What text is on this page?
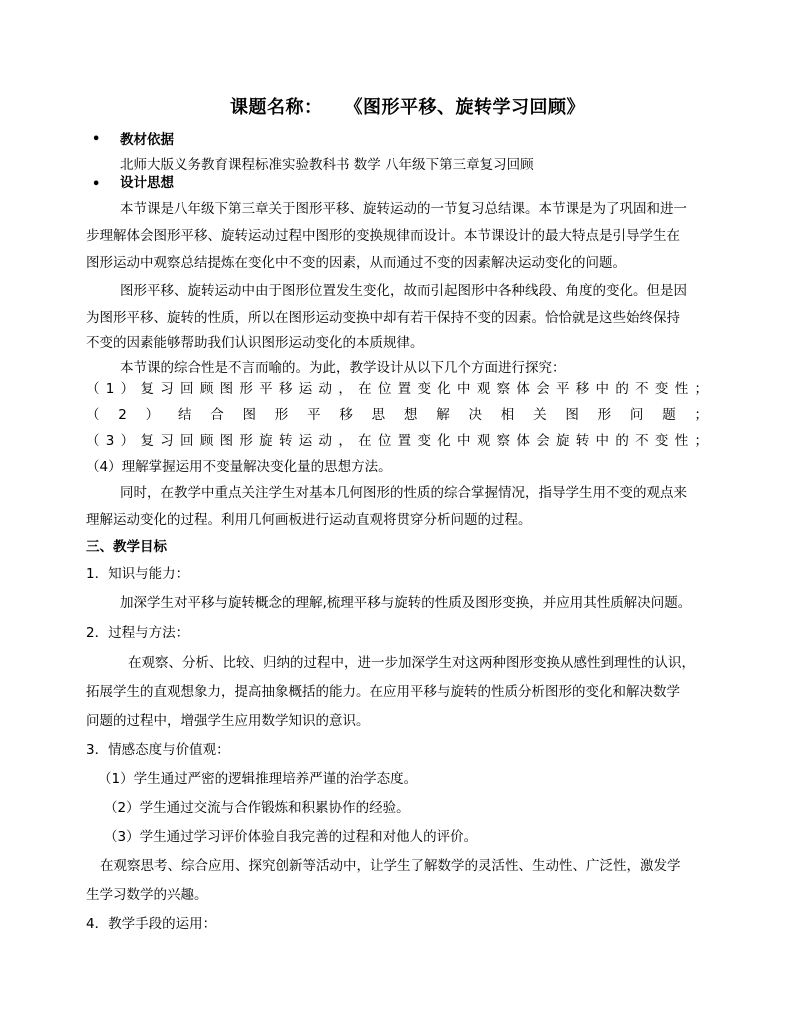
课题名称： 《图形平移、旋转学习回顾》
• 教材依据
北师大版义务教育课程标准实验教科书 数学 八年级下第三章复习回顾
• 设计思想
本节课是八年级下第三章关于图形平移、旋转运动的一节复习总结课。本节课是为了巩固和进一
步理解体会图形平移、旋转运动过程中图形的变换规律而设计。本节课设计的最大特点是引导学生在
图形运动中观察总结提炼在变化中不变的因素，从而通过不变的因素解决运动变化的问题。
图形平移、旋转运动中由于图形位置发生变化，故而引起图形中各种线段、角度的变化。但是因
为图形平移、旋转的性质，所以在图形运动变换中却有若干保持不变的因素。恰恰就是这些始终保持
不变的因素能够帮助我们认识图形运动变化的本质规律。
本节课的综合性是不言而喻的。为此，教学设计从以下几个方面进行探究：
（1）复习回顾图形平移运动，在位置变化中观察体会平移中的不变性；
（2）结合图形平移思想解决相关图形问题；
（3）复习回顾图形旋转运动，在位置变化中观察体会旋转中的不变性；
（4）理解掌握运用不变量解决变化量的思想方法。
同时，在教学中重点关注学生对基本几何图形的性质的综合掌握情况，指导学生用不变的观点来
理解运动变化的过程。利用几何画板进行运动直观将贯穿分析问题的过程。
三、教学目标
1．知识与能力：
加深学生对平移与旋转概念的理解,梳理平移与旋转的性质及图形变换，并应用其性质解决问题。
2．过程与方法：
在观察、分析、比较、归纳的过程中，进一步加深学生对这两种图形变换从感性到理性的认识，
拓展学生的直观想象力，提高抽象概括的能力。在应用平移与旋转的性质分析图形的变化和解决数学
问题的过程中，增强学生应用数学知识的意识。
3．情感态度与价值观：
（1）学生通过严密的逻辑推理培养严谨的治学态度。
（2）学生通过交流与合作锻炼和积累协作的经验。
（3）学生通过学习评价体验自我完善的过程和对他人的评价。
在观察思考、综合应用、探究创新等活动中，让学生了解数学的灵活性、生动性、广泛性，激发学
生学习数学的兴趣。
4．教学手段的运用：
